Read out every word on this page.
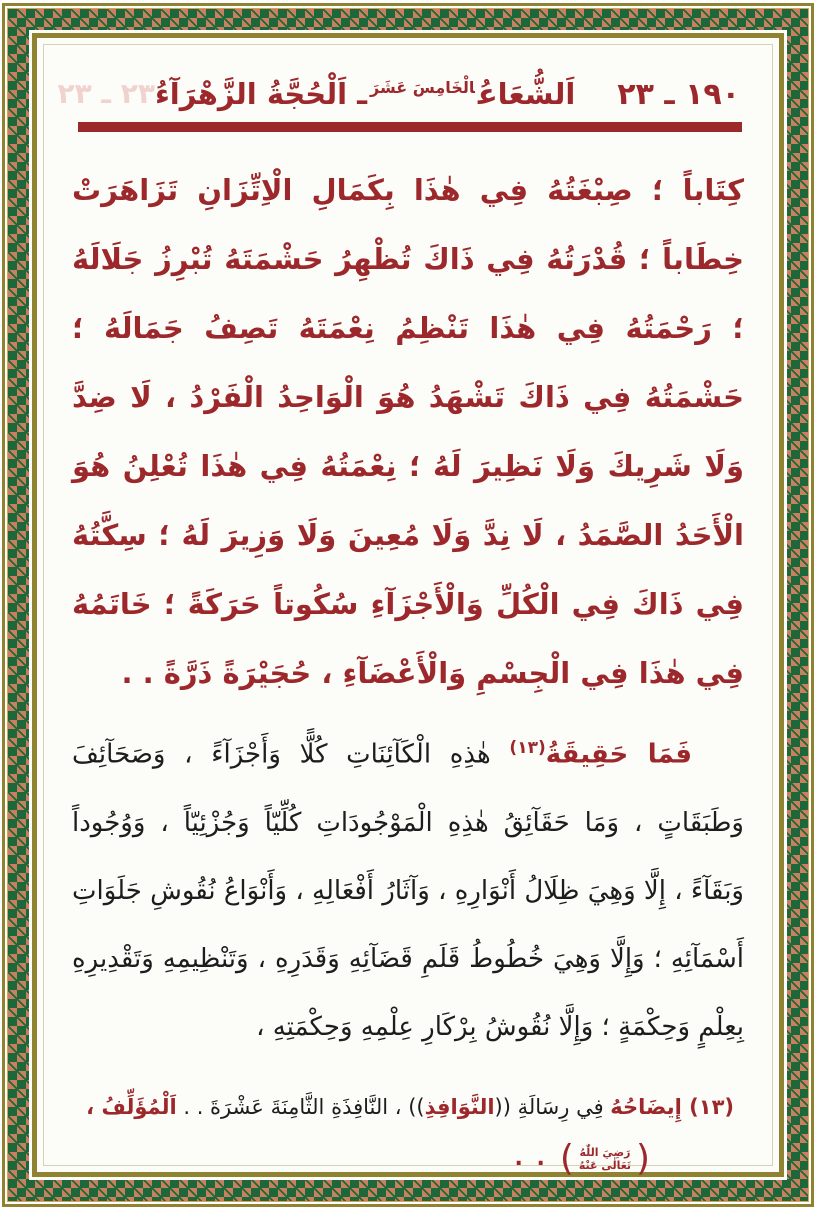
١٩٠ ـ ٢٣
اَلشُّعَاعُ$^{الْخَامِسَ عَشَرَ}$ـ اَلْحُجَّةُ الزَّهْرَآءُ
٢٣ ـ ٢٣

كِتَاباً ؛ صِبْغَتُهُ فِي هٰذَا بِكَمَالِ الْاِتِّزَانِ تَزَاهَرَتْ خِطَاباً ؛ قُدْرَتُهُ فِي ذَاكَ تُظْهِرُ حَشْمَتَهُ تُبْرِزُ جَلَالَهُ ؛ رَحْمَتُهُ فِي هٰذَا تَنْظِمُ نِعْمَتَهُ تَصِفُ جَمَالَهُ ؛ حَشْمَتُهُ فِي ذَاكَ تَشْهَدُ هُوَ الْوَاحِدُ الْفَرْدُ ، لَا ضِدَّ وَلَا شَرِيكَ وَلَا نَظِيرَ لَهُ ؛ نِعْمَتُهُ فِي هٰذَا تُعْلِنُ هُوَ الْأَحَدُ الصَّمَدُ ، لَا نِدَّ وَلَا مُعِينَ وَلَا وَزِيرَ لَهُ ؛ سِكَّتُهُ فِي ذَاكَ فِي الْكُلِّ وَالْأَجْزَآءِ سُكُوتاً حَرَكَةً ؛ خَاتَمُهُ فِي هٰذَا فِي الْجِسْمِ وَالْأَعْضَآءِ ، حُجَيْرَةً ذَرَّةً . .

فَمَا حَقِيقَةُ$^{(١٣)}$ هٰذِهِ الْكَآئِنَاتِ كُلًّا وَأَجْزَآءً ، وَصَحَآئِفَ وَطَبَقَاتٍ ، وَمَا حَقَآئِقُ هٰذِهِ الْمَوْجُودَاتِ كُلِّيّاً وَجُزْئِيّاً ، وَوُجُوداً وَبَقَآءً ، إِلَّا وَهِيَ ظِلَالُ أَنْوَارِهِ ، وَآثَارُ أَفْعَالِهِ ، وَأَنْوَاعُ نُقُوشِ جَلَوَاتِ أَسْمَآئِهِ ؛ وَإِلَّا وَهِيَ خُطُوطُ قَلَمِ قَضَآئِهِ وَقَدَرِهِ ، وَتَنْظِيمِهِ وَتَقْدِيرِهِ بِعِلْمٍ وَحِكْمَةٍ ؛ وَإِلَّا نُقُوشُ بِرْكَارِ عِلْمِهِ وَحِكْمَتِهِ ،

(١٣) إِيضَاحُهُ فِي رِسَالَةِ ((النَّوَافِذِ)) ، النَّافِذَةِ الثَّامِنَةَ عَشْرَةَ . . اَلْمُؤَلِّفُ ،
(
رَضِيَ اللّٰهُ تَعَالٰى عَنْهُ
)
. .
